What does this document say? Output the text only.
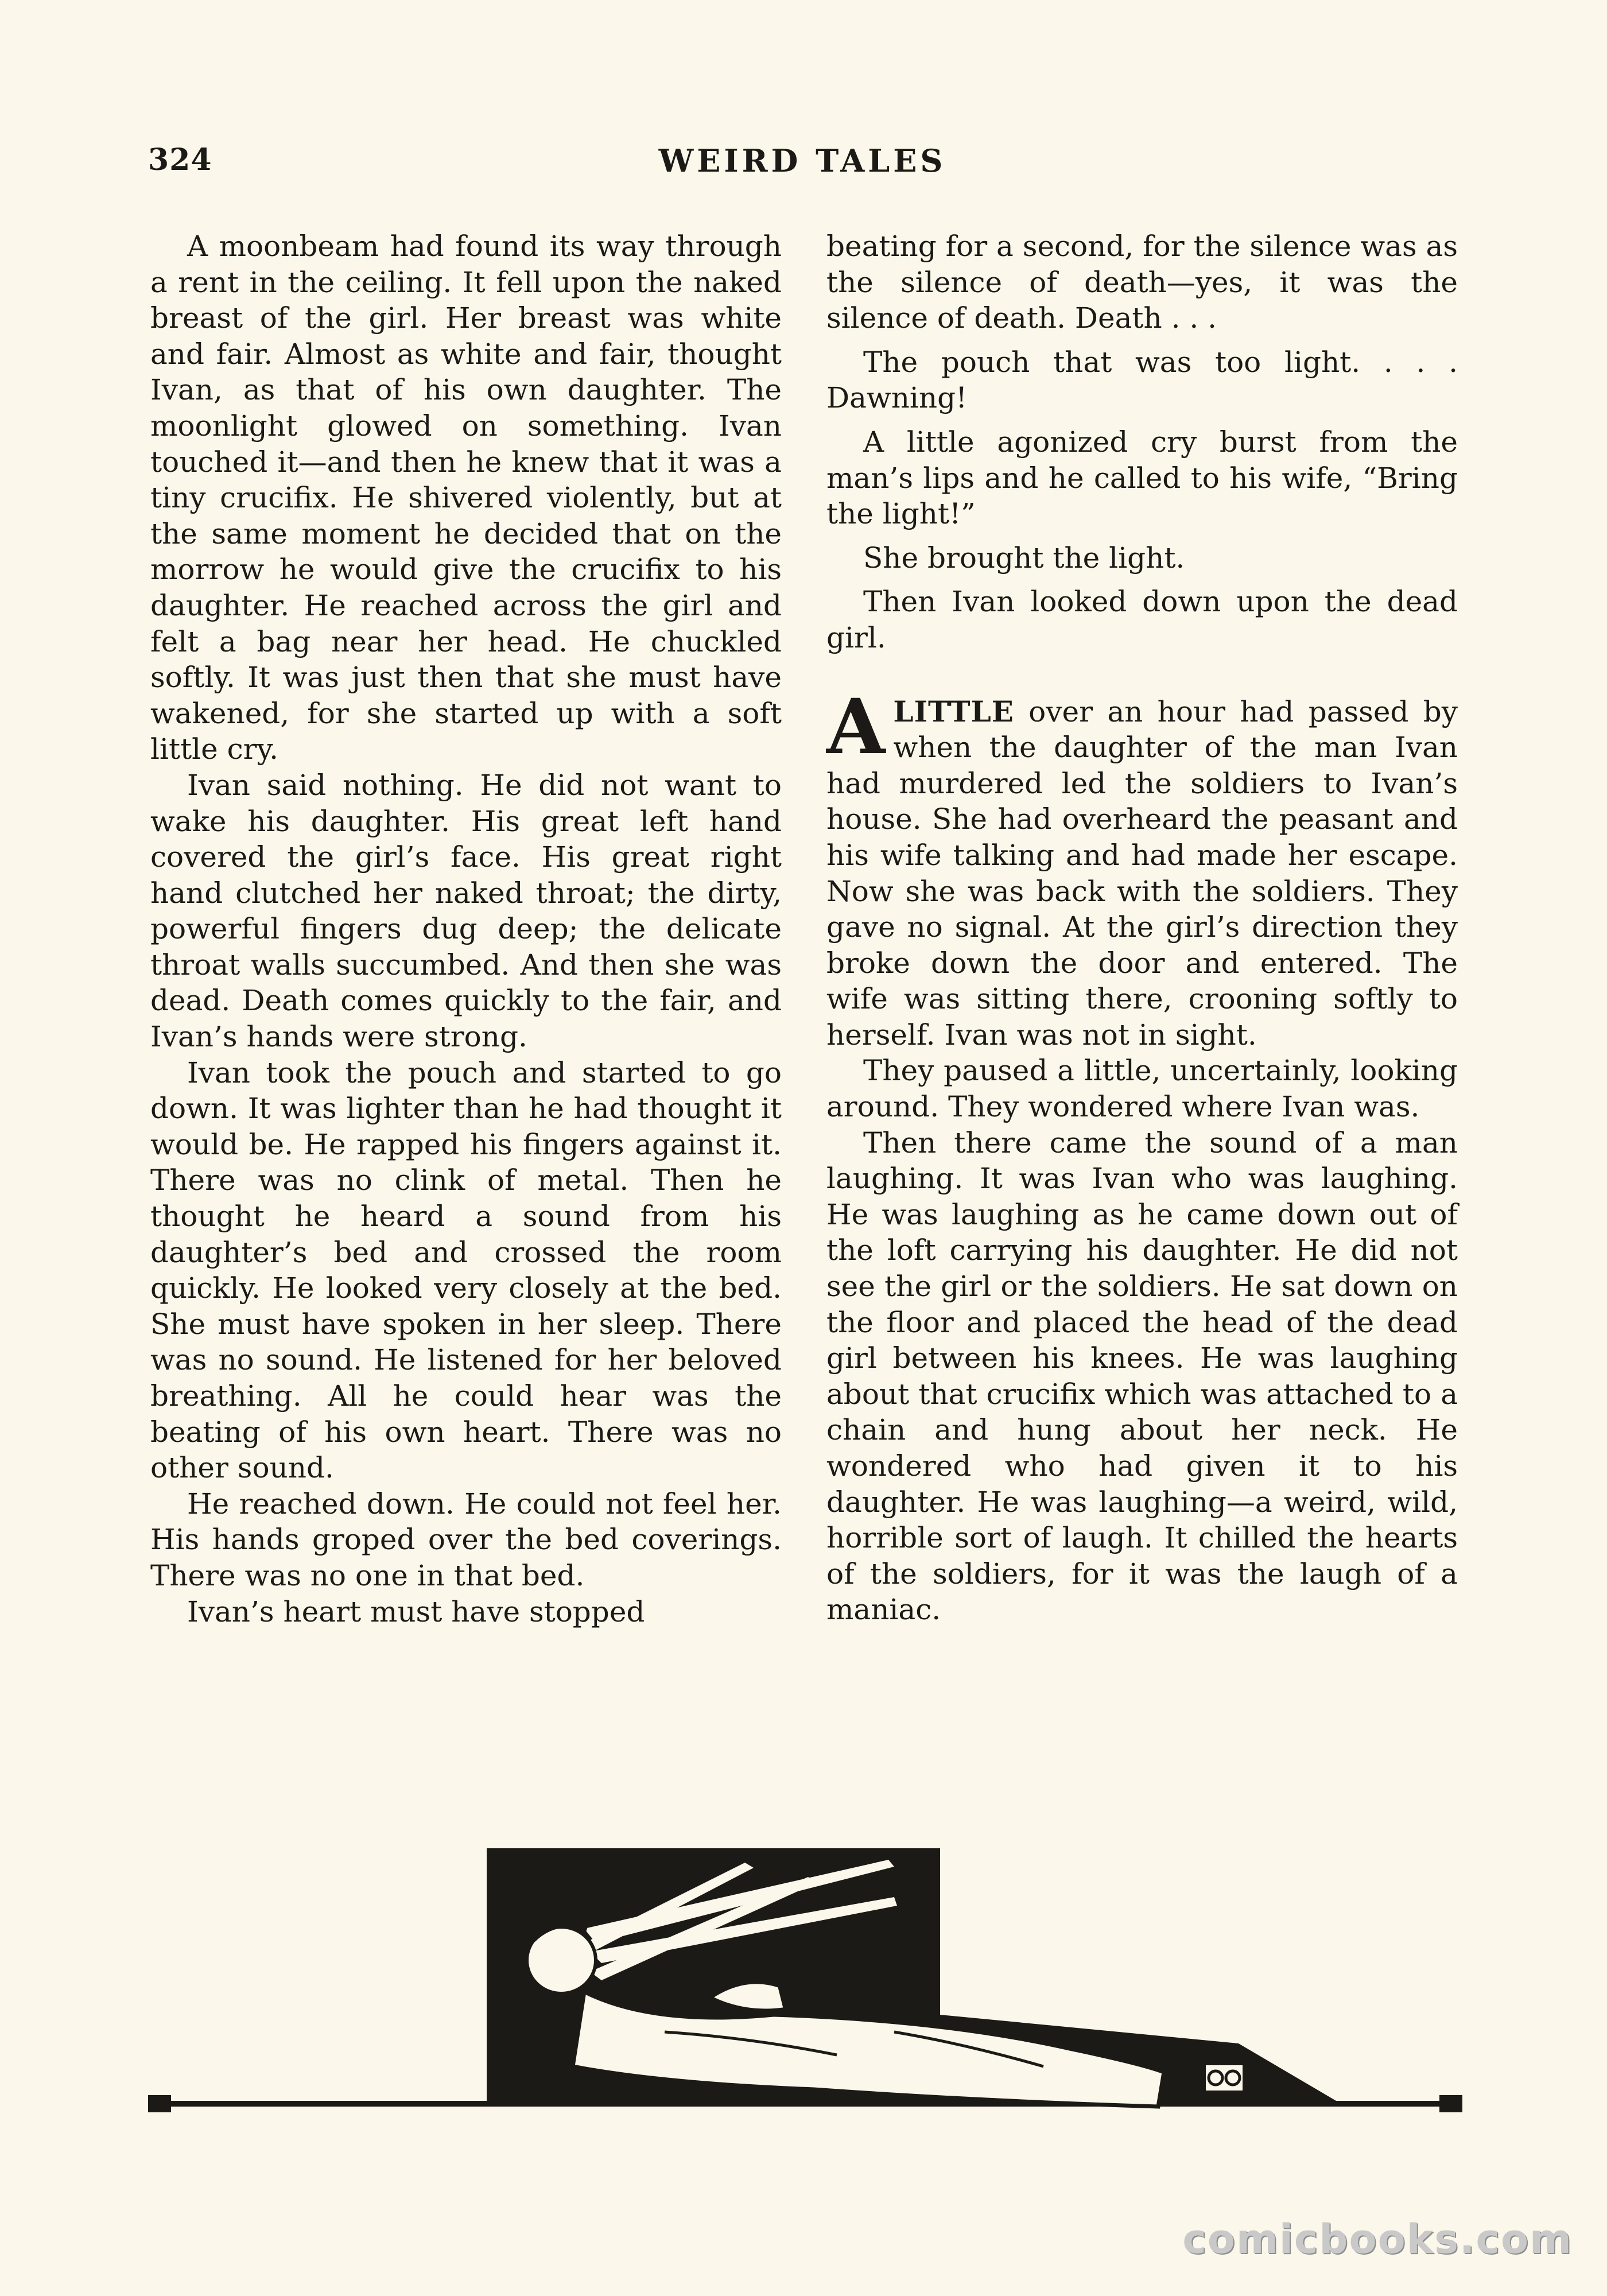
324	WEIRD TALES

A moonbeam had found its way through a rent in the ceiling. It fell upon the naked breast of the girl. Her breast was white and fair. Almost as white and fair, thought Ivan, as that of his own daughter. The moonlight glowed on something. Ivan touched it—and then he knew that it was a tiny crucifix. He shivered violently, but at the same moment he decided that on the morrow he would give the crucifix to his daughter. He reached across the girl and felt a bag near her head. He chuckled softly. It was just then that she must have wakened, for she started up with a soft little cry.

Ivan said nothing. He did not want to wake his daughter. His great left hand covered the girl’s face. His great right hand clutched her naked throat; the dirty, powerful fingers dug deep; the delicate throat walls succumbed. And then she was dead. Death comes quickly to the fair, and Ivan’s hands were strong.

Ivan took the pouch and started to go down. It was lighter than he had thought it would be. He rapped his fingers against it. There was no clink of metal. Then he thought he heard a sound from his daughter’s bed and crossed the room quickly. He looked very closely at the bed. She must have spoken in her sleep. There was no sound. He listened for her beloved breathing. All he could hear was the beating of his own heart. There was no other sound.

He reached down. He could not feel her. His hands groped over the bed coverings. There was no one in that bed.

Ivan’s heart must have stopped

beating for a second, for the silence was as the silence of death—yes, it was the silence of death. Death . . .

The pouch that was too light. . . . Dawning!

A little agonized cry burst from the man’s lips and he called to his wife, “Bring the light!”

She brought the light.

Then Ivan looked down upon the dead girl.

ALITTLE over an hour had passed by when the daughter of the man Ivan had murdered led the soldiers to Ivan’s house. She had overheard the peasant and his wife talking and had made her escape. Now she was back with the soldiers. They gave no signal. At the girl’s direction they broke down the door and entered. The wife was sitting there, crooning softly to herself. Ivan was not in sight.

They paused a little, uncertainly, looking around. They wondered where Ivan was.

Then there came the sound of a man laughing. It was Ivan who was laughing. He was laughing as he came down out of the loft carrying his daughter. He did not see the girl or the soldiers. He sat down on the floor and placed the head of the dead girl between his knees. He was laughing about that crucifix which was attached to a chain and hung about her neck. He wondered who had given it to his daughter. He was laughing—a weird, wild, horrible sort of laugh. It chilled the hearts of the soldiers, for it was the laugh of a maniac.

comicbooks.com
